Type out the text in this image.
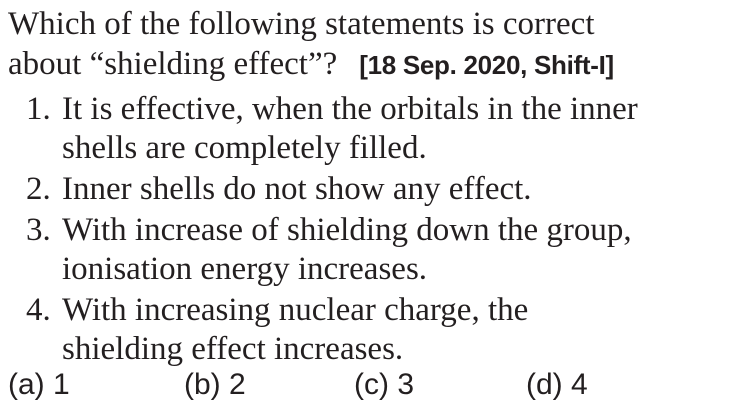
Which of the following statements is correct
about “shielding effect”? [18 Sep. 2020, Shift-I]
1. It is effective, when the orbitals in the inner shells are completely filled.
2. Inner shells do not show any effect.
3. With increase of shielding down the group, ionisation energy increases.
4. With increasing nuclear charge, the shielding effect increases.
(a) 1	(b) 2	(c) 3	(d) 4
